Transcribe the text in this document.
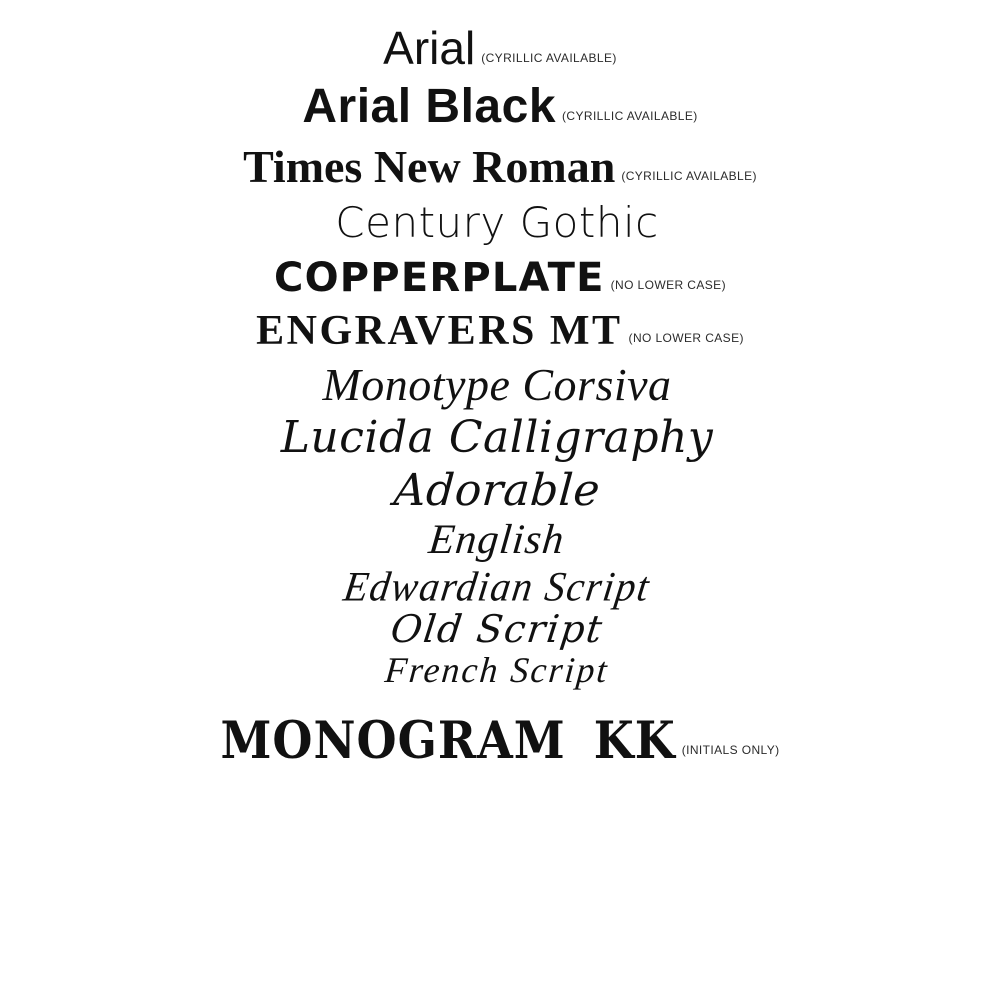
Arial (CYRILLIC AVAILABLE)
Arial Black (CYRILLIC AVAILABLE)
Times New Roman (CYRILLIC AVAILABLE)
Century Gothic
COPPERPLATE (NO LOWER CASE)
ENGRAVERS MT (NO LOWER CASE)
Monotype Corsiva
Lucida Calligraphy
Adorable
English
Edwardian Script
Old Script
French Script
MONOGRAM KK (INITIALS ONLY)
